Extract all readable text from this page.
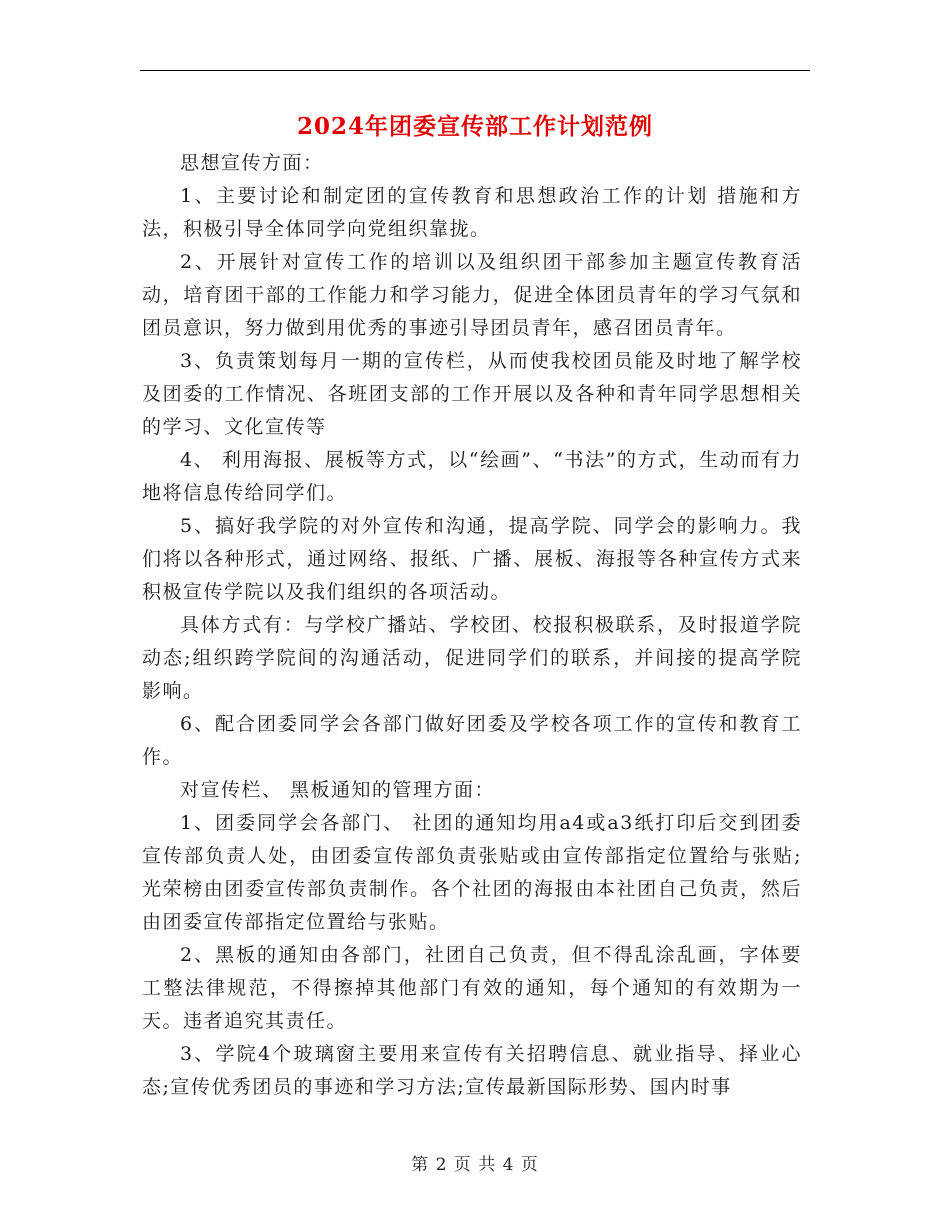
2024年团委宣传部工作计划范例

思想宣传方面：

1、主要讨论和制定团的宣传教育和思想政治工作的计划 措施和方法，积极引导全体同学向党组织靠拢。

2、开展针对宣传工作的培训以及组织团干部参加主题宣传教育活动，培育团干部的工作能力和学习能力，促进全体团员青年的学习气氛和团员意识，努力做到用优秀的事迹引导团员青年，感召团员青年。

3、负责策划每月一期的宣传栏，从而使我校团员能及时地了解学校及团委的工作情况、各班团支部的工作开展以及各种和青年同学思想相关的学习、文化宣传等

4、 利用海报、展板等方式，以“绘画”、“书法”的方式，生动而有力地将信息传给同学们。

5、搞好我学院的对外宣传和沟通，提高学院、同学会的影响力。我们将以各种形式，通过网络、报纸、广播、展板、海报等各种宣传方式来积极宣传学院以及我们组织的各项活动。

具体方式有：与学校广播站、学校团、校报积极联系，及时报道学院动态;组织跨学院间的沟通活动，促进同学们的联系，并间接的提高学院影响。

6、配合团委同学会各部门做好团委及学校各项工作的宣传和教育工作。

对宣传栏、 黑板通知的管理方面：

1、团委同学会各部门、 社团的通知均用a4或a3纸打印后交到团委宣传部负责人处，由团委宣传部负责张贴或由宣传部指定位置给与张贴;光荣榜由团委宣传部负责制作。各个社团的海报由本社团自己负责，然后由团委宣传部指定位置给与张贴。

2、黑板的通知由各部门，社团自己负责，但不得乱涂乱画，字体要工整法律规范，不得擦掉其他部门有效的通知，每个通知的有效期为一天。违者追究其责任。

3、学院4个玻璃窗主要用来宣传有关招聘信息、就业指导、择业心态;宣传优秀团员的事迹和学习方法;宣传最新国际形势、国内时事

第 2 页 共 4 页
